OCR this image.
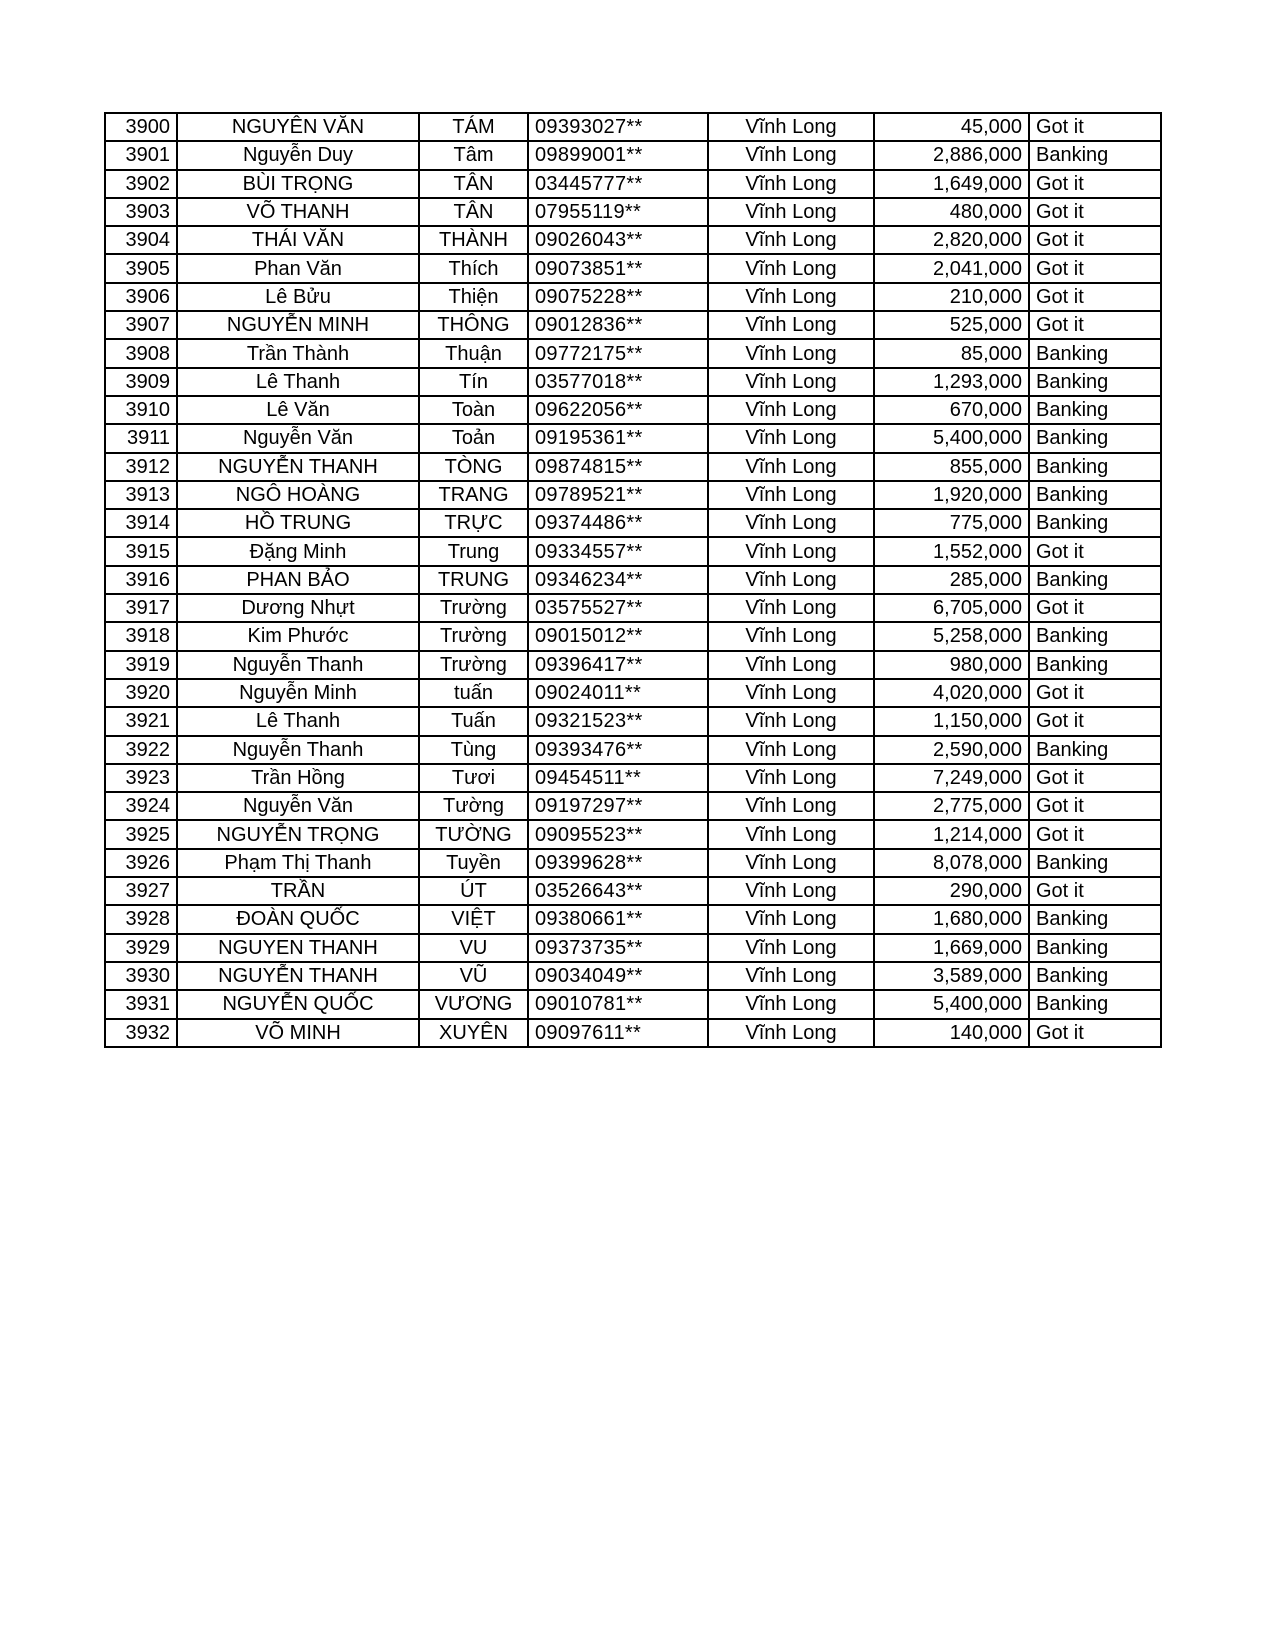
3900	NGUYÊN VĂN	TÁM	09393027**	Vĩnh Long	45,000	Got it
3901	Nguyễn Duy	Tâm	09899001**	Vĩnh Long	2,886,000	Banking
3902	BÙI TRỌNG	TÂN	03445777**	Vĩnh Long	1,649,000	Got it
3903	VÕ THANH	TÂN	07955119**	Vĩnh Long	480,000	Got it
3904	THÁI VĂN	THÀNH	09026043**	Vĩnh Long	2,820,000	Got it
3905	Phan Văn	Thích	09073851**	Vĩnh Long	2,041,000	Got it
3906	Lê Bửu	Thiện	09075228**	Vĩnh Long	210,000	Got it
3907	NGUYỄN MINH	THÔNG	09012836**	Vĩnh Long	525,000	Got it
3908	Trần Thành	Thuận	09772175**	Vĩnh Long	85,000	Banking
3909	Lê Thanh	Tín	03577018**	Vĩnh Long	1,293,000	Banking
3910	Lê Văn	Toàn	09622056**	Vĩnh Long	670,000	Banking
3911	Nguyễn Văn	Toản	09195361**	Vĩnh Long	5,400,000	Banking
3912	NGUYỄN THANH	TÒNG	09874815**	Vĩnh Long	855,000	Banking
3913	NGÔ HOÀNG	TRANG	09789521**	Vĩnh Long	1,920,000	Banking
3914	HỒ TRUNG	TRỰC	09374486**	Vĩnh Long	775,000	Banking
3915	Đặng Minh	Trung	09334557**	Vĩnh Long	1,552,000	Got it
3916	PHAN BẢO	TRUNG	09346234**	Vĩnh Long	285,000	Banking
3917	Dương Nhựt	Trường	03575527**	Vĩnh Long	6,705,000	Got it
3918	Kim Phước	Trường	09015012**	Vĩnh Long	5,258,000	Banking
3919	Nguyễn Thanh	Trường	09396417**	Vĩnh Long	980,000	Banking
3920	Nguyễn Minh	tuấn	09024011**	Vĩnh Long	4,020,000	Got it
3921	Lê Thanh	Tuấn	09321523**	Vĩnh Long	1,150,000	Got it
3922	Nguyễn Thanh	Tùng	09393476**	Vĩnh Long	2,590,000	Banking
3923	Trần Hồng	Tươi	09454511**	Vĩnh Long	7,249,000	Got it
3924	Nguyễn Văn	Tường	09197297**	Vĩnh Long	2,775,000	Got it
3925	NGUYỄN TRỌNG	TƯỜNG	09095523**	Vĩnh Long	1,214,000	Got it
3926	Phạm Thị Thanh	Tuyền	09399628**	Vĩnh Long	8,078,000	Banking
3927	TRẦN	ÚT	03526643**	Vĩnh Long	290,000	Got it
3928	ĐOÀN QUỐC	VIỆT	09380661**	Vĩnh Long	1,680,000	Banking
3929	NGUYEN THANH	VU	09373735**	Vĩnh Long	1,669,000	Banking
3930	NGUYỄN THANH	VŨ	09034049**	Vĩnh Long	3,589,000	Banking
3931	NGUYỄN QUỐC	VƯƠNG	09010781**	Vĩnh Long	5,400,000	Banking
3932	VÕ MINH	XUYÊN	09097611**	Vĩnh Long	140,000	Got it
